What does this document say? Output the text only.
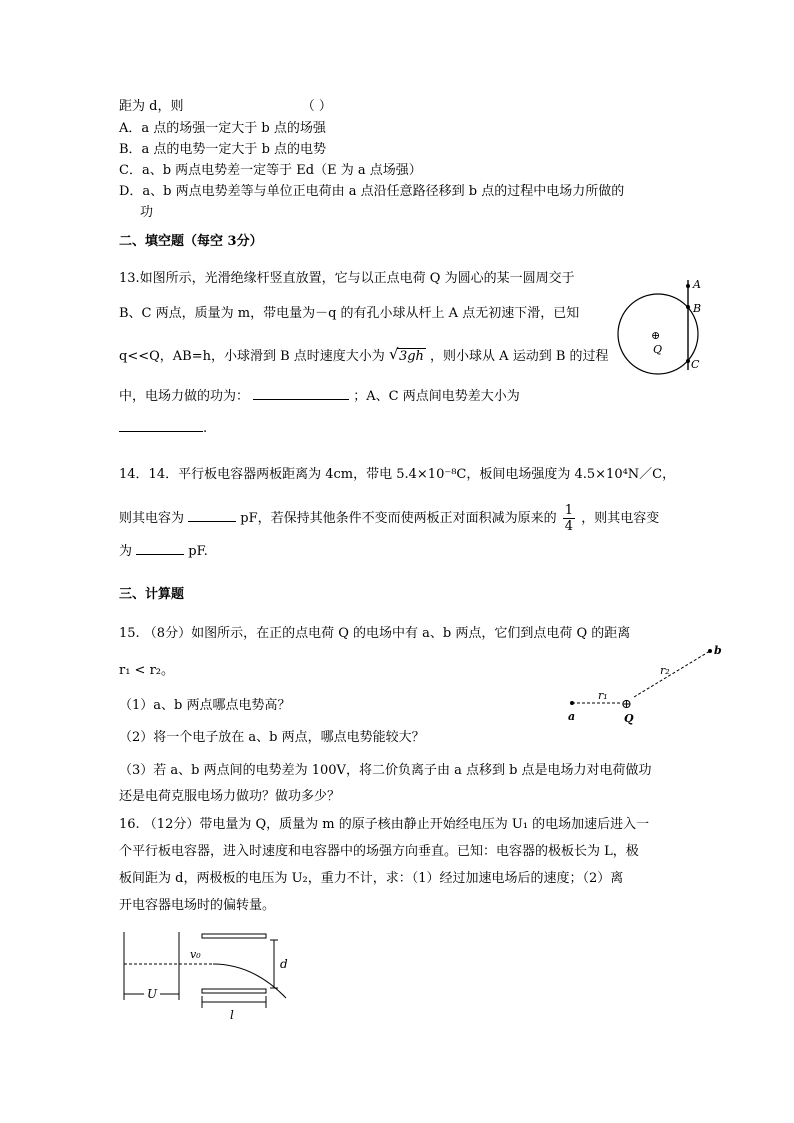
距为 d，则	（ ）
A．a 点的场强一定大于 b 点的场强
B．a 点的电势一定大于 b 点的电势
C．a、b 两点电势差一定等于 Ed（E 为 a 点场强）
D．a、b 两点电势差等与单位正电荷由 a 点沿任意路径移到 b 点的过程中电场力所做的
功
二、填空题（每空 3分）
13.如图所示，光滑绝缘杆竖直放置，它与以正点电荷 Q 为圆心的某一圆周交于
B、C 两点，质量为 m，带电量为－q 的有孔小球从杆上 A 点无初速下滑，已知
q<<Q，AB=h，小球滑到 B 点时速度大小为 √ 3gh ，则小球从 A 运动到 B 的过程
中，电场力做的功为：	；A、C 两点间电势差大小为
.
A
B
C
⊕
Q
14．14．平行板电容器两板距离为 4cm，带电 5.4×10⁻⁸C，板间电场强度为 4.5×10⁴N／C，
则其电容为	pF，若保持其他条件不变而使两板正对面积减为原来的 $\frac{1}{4}$ ，则其电容变
为	pF.
三、计算题
15. （8分）如图所示，在正的点电荷 Q 的电场中有 a、b 两点，它们到点电荷 Q 的距离
r₁ < r₂。
（1）a、b 两点哪点电势高？
（2）将一个电子放在 a、b 两点，哪点电势能较大？
（3）若 a、b 两点间的电势差为 100V，将二价负离子由 a 点移到 b 点是电场力对电荷做功
还是电荷克服电场力做功？做功多少？
⊕
a
b
Q
r₁
r₂
16. （12分）带电量为 Q，质量为 m 的原子核由静止开始经电压为 U₁ 的电场加速后进入一
个平行板电容器，进入时速度和电容器中的场强方向垂直。已知：电容器的极板长为 L，极
板间距为 d，两极板的电压为 U₂，重力不计，求：（1）经过加速电场后的速度；（2）离
开电容器电场时的偏转量。
v₀
d
U
l
